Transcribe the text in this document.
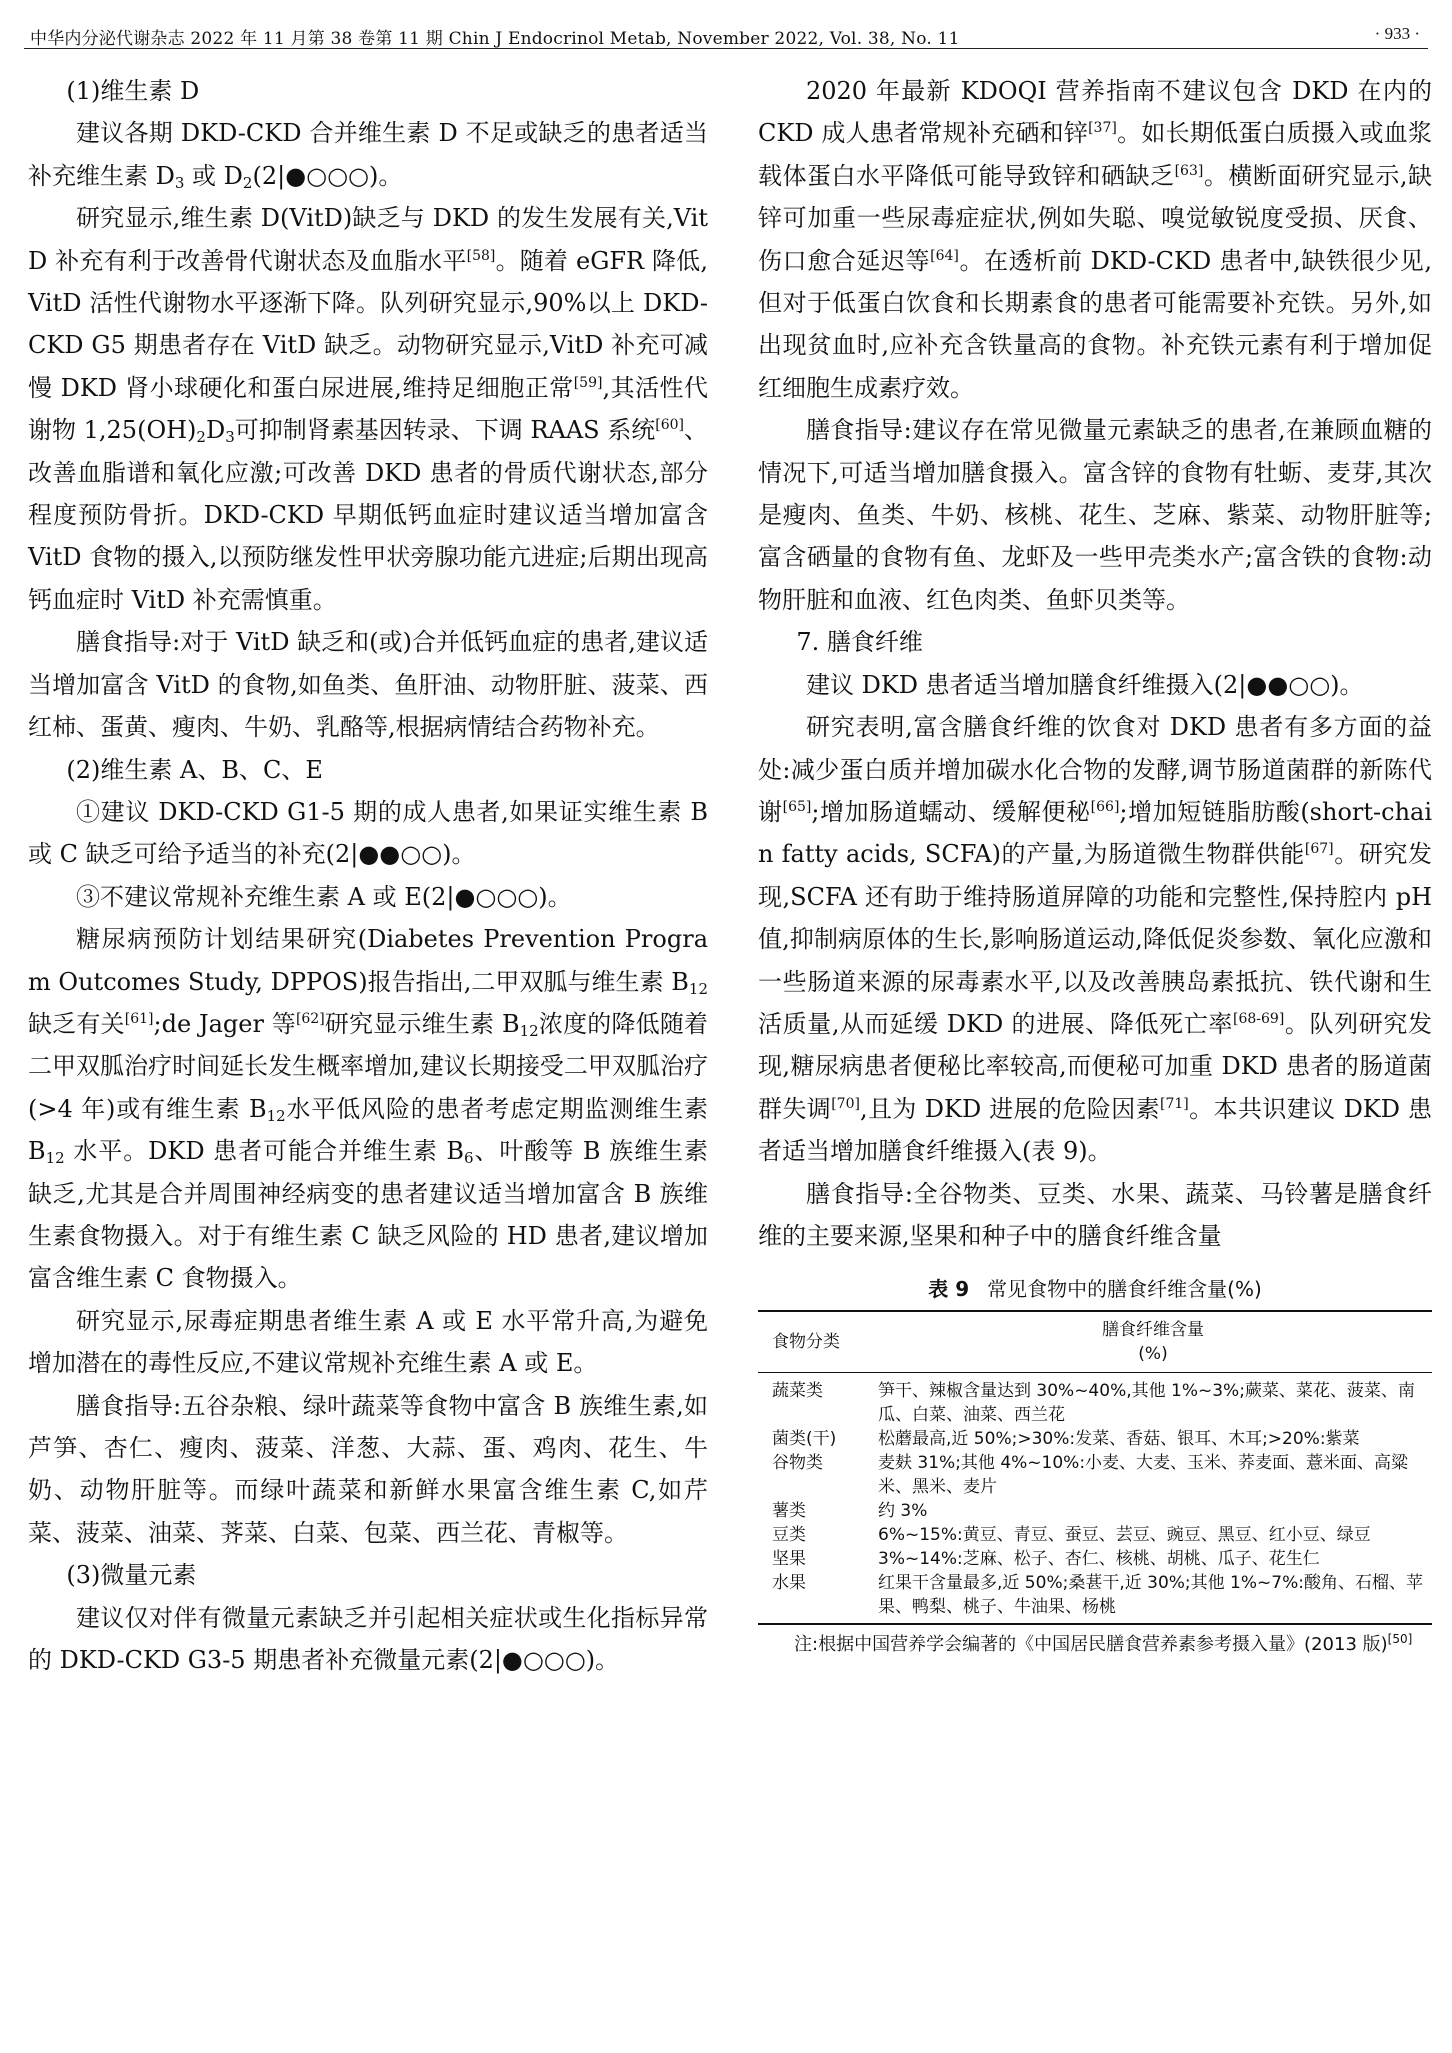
中华内分泌代谢杂志 2022 年 11 月第 38 卷第 11 期 Chin J Endocrinol Metab, November 2022, Vol. 38, No. 11	· 933 ·

(1)维生素 D

建议各期 DKD-CKD 合并维生素 D 不足或缺乏的患者适当补充维生素 $D_3$ 或 $D_2(2|●○○○)$。

研究显示,维生素 D(VitD)缺乏与 DKD 的发生发展有关,VitD 补充有利于改善骨代谢状态及血脂水平[58]。随着 eGFR 降低,VitD 活性代谢物水平逐渐下降。队列研究显示,90%以上 DKD-CKD G5 期患者存在 VitD 缺乏。动物研究显示,VitD 补充可减慢 DKD 肾小球硬化和蛋白尿进展,维持足细胞正常[59],其活性代谢物 $1,25(OH)_2D_3$可抑制肾素基因转录、下调 RAAS 系统[60]、改善血脂谱和氧化应激;可改善 DKD 患者的骨质代谢状态,部分程度预防骨折。DKD-CKD 早期低钙血症时建议适当增加富含 VitD 食物的摄入,以预防继发性甲状旁腺功能亢进症;后期出现高钙血症时 VitD 补充需慎重。

膳食指导:对于 VitD 缺乏和(或)合并低钙血症的患者,建议适当增加富含 VitD 的食物,如鱼类、鱼肝油、动物肝脏、菠菜、西红柿、蛋黄、瘦肉、牛奶、乳酪等,根据病情结合药物补充。

(2)维生素 A、B、C、E

①建议 DKD-CKD G1-5 期的成人患者,如果证实维生素 B 或 C 缺乏可给予适当的补充(2|●●○○)。

③不建议常规补充维生素 A 或 E(2|●○○○)。

糖尿病预防计划结果研究(Diabetes Prevention Program Outcomes Study, DPPOS)报告指出,二甲双胍与维生素 $B_{12}$缺乏有关[61];de Jager 等[62]研究显示维生素 $B_{12}$浓度的降低随着二甲双胍治疗时间延长发生概率增加,建议长期接受二甲双胍治疗(>4 年)或有维生素 $B_{12}$水平低风险的患者考虑定期监测维生素 $B_{12}$ 水平。DKD 患者可能合并维生素 $B_6$、叶酸等 B 族维生素缺乏,尤其是合并周围神经病变的患者建议适当增加富含 B 族维生素食物摄入。对于有维生素 C 缺乏风险的 HD 患者,建议增加富含维生素 C 食物摄入。

研究显示,尿毒症期患者维生素 A 或 E 水平常升高,为避免增加潜在的毒性反应,不建议常规补充维生素 A 或 E。

膳食指导:五谷杂粮、绿叶蔬菜等食物中富含 B 族维生素,如芦笋、杏仁、瘦肉、菠菜、洋葱、大蒜、蛋、鸡肉、花生、牛奶、动物肝脏等。而绿叶蔬菜和新鲜水果富含维生素 C,如芹菜、菠菜、油菜、荠菜、白菜、包菜、西兰花、青椒等。

(3)微量元素

建议仅对伴有微量元素缺乏并引起相关症状或生化指标异常的 DKD-CKD G3-5 期患者补充微量元素(2|●○○○)。

2020 年最新 KDOQI 营养指南不建议包含 DKD 在内的 CKD 成人患者常规补充硒和锌[37]。如长期低蛋白质摄入或血浆载体蛋白水平降低可能导致锌和硒缺乏[63]。横断面研究显示,缺锌可加重一些尿毒症症状,例如失聪、嗅觉敏锐度受损、厌食、伤口愈合延迟等[64]。在透析前 DKD-CKD 患者中,缺铁很少见,但对于低蛋白饮食和长期素食的患者可能需要补充铁。另外,如出现贫血时,应补充含铁量高的食物。补充铁元素有利于增加促红细胞生成素疗效。

膳食指导:建议存在常见微量元素缺乏的患者,在兼顾血糖的情况下,可适当增加膳食摄入。富含锌的食物有牡蛎、麦芽,其次是瘦肉、鱼类、牛奶、核桃、花生、芝麻、紫菜、动物肝脏等;富含硒量的食物有鱼、龙虾及一些甲壳类水产;富含铁的食物:动物肝脏和血液、红色肉类、鱼虾贝类等。

7. 膳食纤维

建议 DKD 患者适当增加膳食纤维摄入(2|●●○○)。

研究表明,富含膳食纤维的饮食对 DKD 患者有多方面的益处:减少蛋白质并增加碳水化合物的发酵,调节肠道菌群的新陈代谢[65];增加肠道蠕动、缓解便秘[66];增加短链脂肪酸(short-chain fatty acids, SCFA)的产量,为肠道微生物群供能[67]。研究发现,SCFA 还有助于维持肠道屏障的功能和完整性,保持腔内 pH 值,抑制病原体的生长,影响肠道运动,降低促炎参数、氧化应激和一些肠道来源的尿毒素水平,以及改善胰岛素抵抗、铁代谢和生活质量,从而延缓 DKD 的进展、降低死亡率[68-69]。队列研究发现,糖尿病患者便秘比率较高,而便秘可加重 DKD 患者的肠道菌群失调[70],且为 DKD 进展的危险因素[71]。本共识建议 DKD 患者适当增加膳食纤维摄入(表 9)。

膳食指导:全谷物类、豆类、水果、蔬菜、马铃薯是膳食纤维的主要来源,坚果和种子中的膳食纤维含量

表 9 常见食物中的膳食纤维含量(%)
食物分类	膳食纤维含量
(%)
蔬菜类	笋干、辣椒含量达到 30%~40%,其他 1%~3%;蕨菜、菜花、菠菜、南瓜、白菜、油菜、西兰花
菌类(干)	松蘑最高,近 50%;>30%:发菜、香菇、银耳、木耳;>20%:紫菜
谷物类	麦麸 31%;其他 4%~10%:小麦、大麦、玉米、荞麦面、薏米面、高粱米、黑米、麦片
薯类	约 3%
豆类	6%~15%:黄豆、青豆、蚕豆、芸豆、豌豆、黑豆、红小豆、绿豆
坚果	3%~14%:芝麻、松子、杏仁、核桃、胡桃、瓜子、花生仁
水果	红果干含量最多,近 50%;桑葚干,近 30%;其他 1%~7%:酸角、石榴、苹果、鸭梨、桃子、牛油果、杨桃
注:根据中国营养学会编著的《中国居民膳食营养素参考摄入量》(2013 版)[50]
